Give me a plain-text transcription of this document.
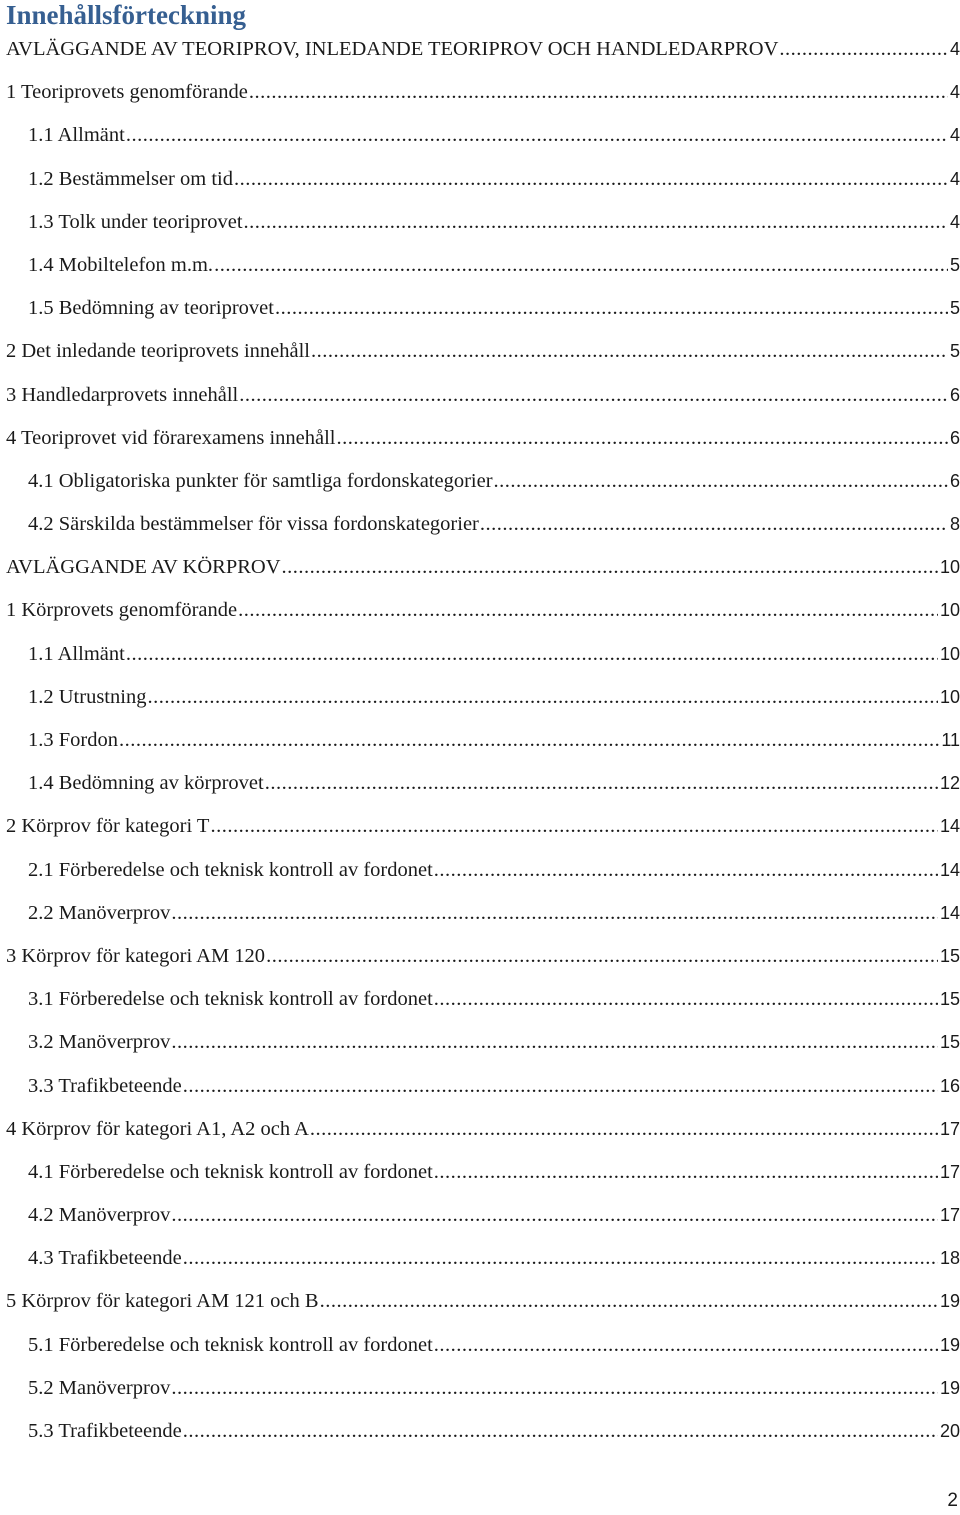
Innehållsförteckning
AVLÄGGANDE AV TEORIPROV, INLEDANDE TEORIPROV OCH HANDLEDARPROV .....	4
1 Teoriprovets genomförande .....	4
1.1 Allmänt .....	4
1.2 Bestämmelser om tid .....	4
1.3 Tolk under teoriprovet .....	4
1.4 Mobiltelefon m.m. .....	5
1.5 Bedömning av teoriprovet .....	5
2 Det inledande teoriprovets innehåll .....	5
3 Handledarprovets innehåll .....	6
4 Teoriprovet vid förarexamens innehåll .....	6
4.1 Obligatoriska punkter för samtliga fordonskategorier .....	6
4.2 Särskilda bestämmelser för vissa fordonskategorier .....	8
AVLÄGGANDE AV KÖRPROV .....	10
1 Körprovets genomförande .....	10
1.1 Allmänt .....	10
1.2 Utrustning .....	10
1.3 Fordon .....	11
1.4 Bedömning av körprovet .....	12
2 Körprov för kategori T .....	14
2.1 Förberedelse och teknisk kontroll av fordonet .....	14
2.2 Manöverprov .....	14
3 Körprov för kategori AM 120 .....	15
3.1 Förberedelse och teknisk kontroll av fordonet .....	15
3.2 Manöverprov .....	15
3.3 Trafikbeteende .....	16
4 Körprov för kategori A1, A2 och A .....	17
4.1 Förberedelse och teknisk kontroll av fordonet .....	17
4.2 Manöverprov .....	17
4.3 Trafikbeteende .....	18
5 Körprov för kategori AM 121 och B .....	19
5.1 Förberedelse och teknisk kontroll av fordonet .....	19
5.2 Manöverprov .....	19
5.3 Trafikbeteende .....	20
2
